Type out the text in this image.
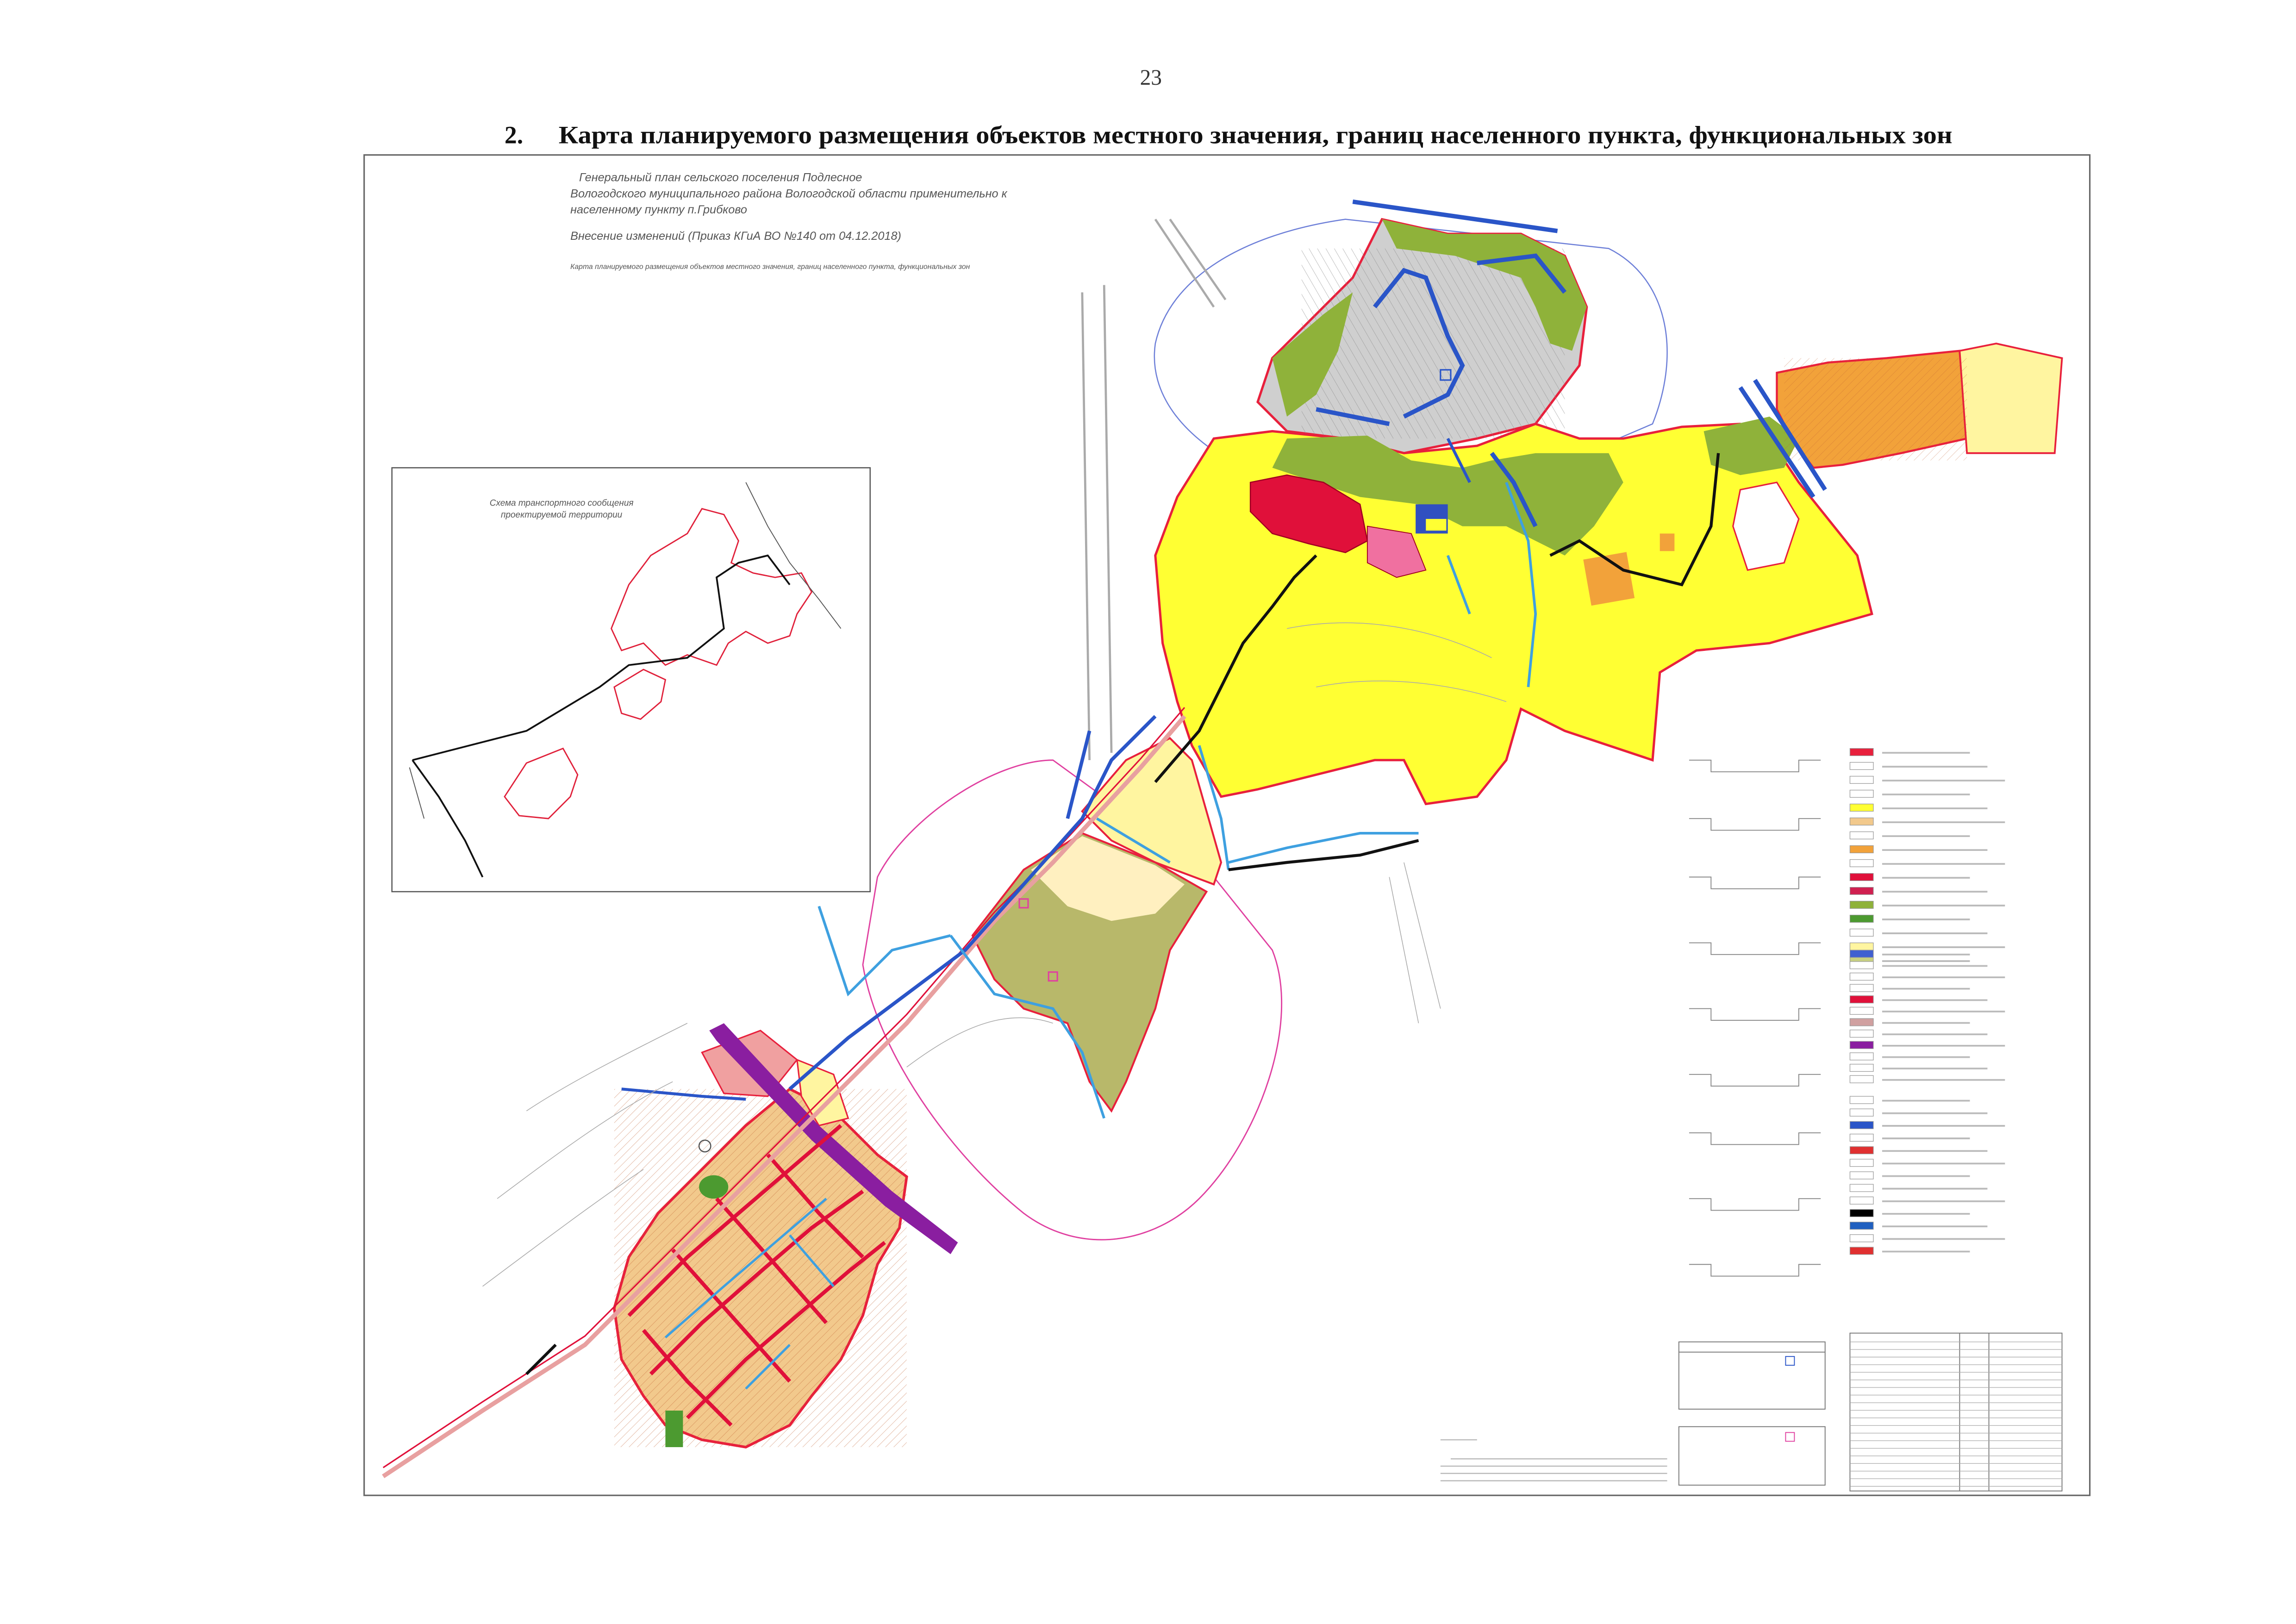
23
2.	Карта планируемого размещения объектов местного значения, границ населенного пункта, функциональных зон
Генеральный план сельского поселения Подлесное
Вологодского муниципального района Вологодской области применительно к
населенному пункту п.Грибково
Внесение изменений (Приказ КГиА ВО №140 от 04.12.2018)
Карта планируемого размещения объектов местного значения, границ населенного пункта, функциональных зон
Схема транспортного сообщения
проектируемой территории
